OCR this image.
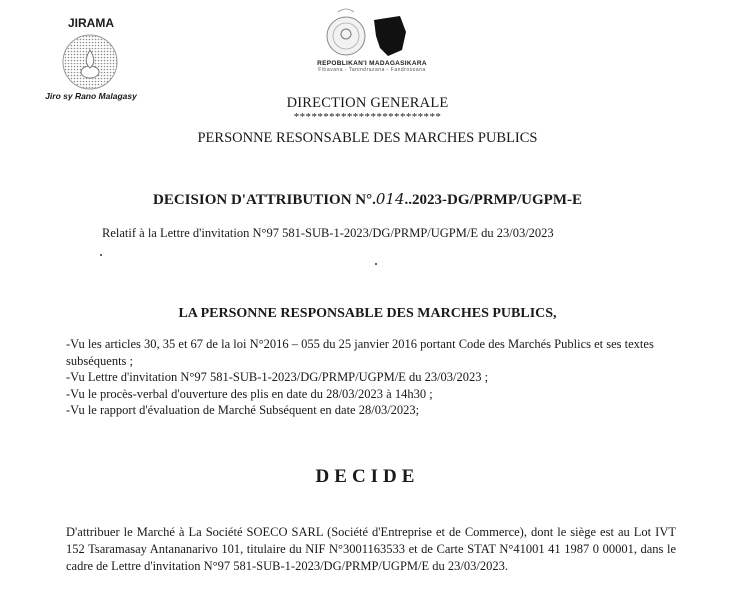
JIRAMA
Jiro sy Rano Malagasy
REPOBLIKAN'I MADAGASIKARA
Fitiavana - Tanindrazana - Fandrosoana
DIRECTION GENERALE
*************************
PERSONNE RESONSABLE DES MARCHES PUBLICS
DECISION D'ATTRIBUTION N°.014..2023-DG/PRMP/UGPM-E
Relatif à la Lettre d'invitation N°97 581-SUB-1-2023/DG/PRMP/UGPM/E du 23/03/2023
LA PERSONNE RESPONSABLE DES MARCHES PUBLICS,
-Vu les articles 30, 35 et 67 de la loi N°2016 – 055 du 25 janvier 2016 portant Code des Marchés Publics et ses textes subséquents ;
-Vu Lettre d'invitation N°97 581-SUB-1-2023/DG/PRMP/UGPM/E du 23/03/2023 ;
-Vu le procès-verbal d'ouverture des plis en date du 28/03/2023 à 14h30 ;
-Vu le rapport d'évaluation de Marché Subséquent en date 28/03/2023;
DECIDE

D'attribuer le Marché à La Société SOECO SARL (Société d'Entreprise et de Commerce), dont le siège est au Lot IVT 152 Tsaramasay Antananarivo 101, titulaire du NIF N°3001163533 et de Carte STAT N°41001 41 1987 0 00001, dans le cadre de Lettre d'invitation N°97 581-SUB-1-2023/DG/PRMP/UGPM/E du 23/03/2023.
